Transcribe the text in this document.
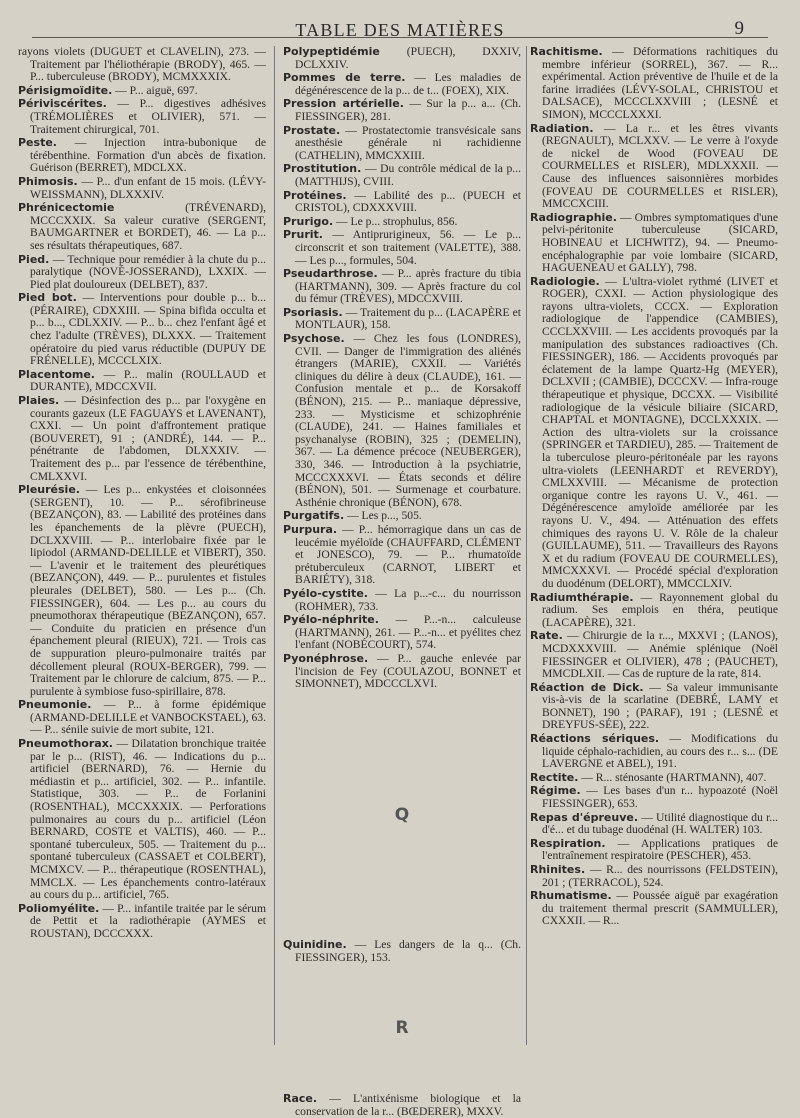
TABLE DES MATIÈRES	9
rayons violets (DUGUET et CLAVELIN), 273. — Traitement par l'héliothérapie (BRODY), 465. — P... tuberculeuse (BRODY), MCMXXXIX.
Périsigmoïdite. — P... aiguë, 697.
Périviscérites. — P... digestives adhésives (TRÉMOLIÈRES et OLIVIER), 571. — Traitement chirurgical, 701.
Peste. — Injection intra-bubonique de térébenthine. Formation d'un abcès de fixation. Guérison (BERRET), MDCLXX.
Phimosis. — P... d'un enfant de 15 mois. (LÉVY-WEISSMANN), DLXXXIV.
Phrénicectomie	(TRÉVENARD), MCCCXXIX. Sa valeur curative (SERGENT, BAUMGARTNER et BORDET), 46. — La p... ses résultats thérapeutiques, 687.
Pied. — Technique pour remédier à la chute du p... paralytique (NOVÉ-JOSSERAND), LXXIX. — Pied plat douloureux (DELBET), 837.
Pied bot. — Interventions pour double p... b... (PÉRAIRE), CDXXIII. — Spina bifida occulta et p... b..., CDLXXIV. — P... b... chez l'enfant âgé et chez l'adulte (TRÈVES), DLXXX. — Traitement opératoire du pied varus réductible (DUPUY DE FRÉNELLE), MCCCLXIX.
Placentome. — P... malin (ROULLAUD et DURANTE), MDCCXVII.
Plaies. — Désinfection des p... par l'oxygène en courants gazeux (LE FAGUAYS et LAVENANT), CXXI. — Un point d'affrontement pratique (BOUVERET), 91 ; (ANDRÉ), 144. — P... pénétrante de l'abdomen, DLXXXIV. — Traitement des p... par l'essence de térébenthine, CMLXXVI.
Pleurésie. — Les p... enkystées et cloisonnées (SERGENT), 10. — P... sérofibrineuse (BEZANÇON), 83. — Labilité des protéines dans les épanchements de la plèvre (PUECH), DCLXXVIII. — P... interlobaire fixée par le lipiodol (ARMAND-DELILLE et VIBERT), 350. — L'avenir et le traitement des pleurétiques (BEZANÇON), 449. — P... purulentes et fistules pleurales (DELBET), 580. — Les p... (Ch. FIESSINGER), 604. — Les p... au cours du pneumothorax thérapeutique (BEZANÇON), 657. — Conduite du praticien en présence d'un épanchement pleural (RIEUX), 721. — Trois cas de suppuration pleuro-pulmonaire traités par décollement pleural (ROUX-BERGER), 799. — Traitement par le chlorure de calcium, 875. — P... purulente à symbiose fuso-spirillaire, 878.
Pneumonie. — P... à forme épidémique (ARMAND-DELILLE et VANBOCKSTAEL), 63. — P... sénile suivie de mort subite, 121.
Pneumothorax. — Dilatation bronchique traitée par le p... (RIST), 46. — Indications du p... artificiel (BERNARD), 76. — Hernie du médiastin et p... artificiel, 302. — P... infantile. Statistique, 303. — P... de Forlanini (ROSENTHAL), MCCXXXIX. — Perforations pulmonaires au cours du p... artificiel (Léon BERNARD, COSTE et VALTIS), 460. — P... spontané tuberculeux, 505. — Traitement du p... spontané tuberculeux (CASSAET et COLBERT), MCMXCV. — P... thérapeutique (ROSENTHAL), MMCLX. — Les épanchements contro-latéraux au cours du p... artificiel, 765.
Poliomyélite. — P... infantile traitée par le sérum de Pettit et la radiothérapie (AYMES et ROUSTAN), DCCCXXX.
Polypeptidémie (PUECH), DXXIV, DCLXXIV.
Pommes de terre. — Les maladies de dégénérescence de la p... de t... (FOEX), XIX.
Pression artérielle. — Sur la p... a... (Ch. FIESSINGER), 281.
Prostate. — Prostatectomie transvésicale sans anesthésie générale ni rachidienne (CATHELIN), MMCXXIII.
Prostitution. — Du contrôle médical de la p... (MATTHIJS), CVIII.
Protéines. — Labilité des p... (PUECH et CRISTOL), CDXXXVIII.
Prurigo. — Le p... strophulus, 856.
Prurit. — Antiprurigineux, 56. — Le p... circonscrit et son traitement (VALETTE), 388. — Les p..., formules, 504.
Pseudarthrose. — P... après fracture du tibia (HARTMANN), 309. — Après fracture du col du fémur (TRÈVES), MDCCXVIII.
Psoriasis. — Traitement du p... (LACAPÈRE et MONTLAUR), 158.
Psychose. — Chez les fous (LONDRES), CVII. — Danger de l'immigration des aliénés étrangers (MARIE), CXXII. — Variétés cliniques du délire à deux (CLAUDE), 161. — Confusion mentale et p... de Korsakoff (BÉNON), 215. — P... maniaque dépressive, 233. — Mysticisme et schizophrénie (CLAUDE), 241. — Haines familiales et psychanalyse (ROBIN), 325 ; (DEMELIN), 367. — La démence précoce (NEUBERGER), 330, 346. — Introduction à la psychiatrie, MCCCXXXVI. — États seconds et délire (BÉNON), 501. — Surmenage et courbature. Asthénie chronique (BÉNON), 678.
Purgatifs. — Les p..., 505.
Purpura. — P... hémorragique dans un cas de leucémie myéloïde (CHAUFFARD, CLÉMENT et JONESCO), 79. — P... rhumatoïde prétuberculeux (CARNOT, LIBERT et BARIÉTY), 318.
Pyélo-cystite. — La p...-c... du nourrisson (ROHMER), 733.
Pyélo-néphrite. — P...-n... calculeuse (HARTMANN), 261. — P...-n... et pyélites chez l'enfant (NOBÉCOURT), 574.
Pyonéphrose. — P... gauche enlevée par l'incision de Fey (COULAZOU, BONNET et SIMONNET), MDCCCLXVI.
Q
Quinidine. — Les dangers de la q... (Ch. FIESSINGER), 153.
R
Race. — L'antixénisme biologique et la conservation de la r... (BŒDERER), MXXV.
Rachitisme. — Déformations rachitiques du membre inférieur (SORREL), 367. — R... expérimental. Action préventive de l'huile et de la farine irradiées (LÉVY-SOLAL, CHRISTOU et DALSACE), MCCCLXXVIII ; (LESNÉ et SIMON), MCCCLXXXI.
Radiation. — La r... et les êtres vivants (REGNAULT), MCLXXV. — Le verre à l'oxyde de nickel de Wood (FOVEAU DE COURMELLES et RISLER), MDLXXXII. — Cause des influences saisonnières morbides (FOVEAU DE COURMELLES et RISLER), MMCCXCIII.
Radiographie. — Ombres symptomatiques d'une pelvi-péritonite tuberculeuse (SICARD, HOBINEAU et LICHWITZ), 94. — Pneumo-encéphalographie par voie lombaire (SICARD, HAGUENEAU et GALLY), 798.
Radiologie. — L'ultra-violet rythmé (LIVET et ROGER), CXXI. — Action physiologique des rayons ultra-violets, CCCX. — Exploration radiologique de l'appendice (CAMBIES), CCCLXXVIII. — Les accidents provoqués par la manipulation des substances radioactives (Ch. FIESSINGER), 186. — Accidents provoqués par éclatement de la lampe Quartz-Hg (MEYER), DCLXVII ; (CAMBIE), DCCCXV. — Infra-rouge thérapeutique et physique, DCCXX. — Visibilité radiologique de la vésicule biliaire (SICARD, CHAPTAL et MONTAGNE), DCCLXXXIX. — Action des ultra-violets sur la croissance (SPRINGER et TARDIEU), 285. — Traitement de la tuberculose pleuro-péritonéale par les rayons ultra-violets (LEENHARDT et REVERDY), CMLXXVIII. — Mécanisme de protection organique contre les rayons U. V., 461. — Dégénérescence amyloïde améliorée par les rayons U. V., 494. — Atténuation des effets chimiques des rayons U. V. Rôle de la chaleur (GUILLAUME), 511. — Travailleurs des Rayons X et du radium (FOVEAU DE COURMELLES), MMCXXXVI. — Procédé spécial d'exploration du duodénum (DELORT), MMCCLXIV.
Radiumthérapie. — Rayonnement global du radium. Ses emplois en théra, peutique (LACAPÈRE), 321.
Rate. — Chirurgie de la r..., MXXVI ; (LANOS), MCDXXXVIII. — Anémie splénique (Noël FIESSINGER et OLIVIER), 478 ; (PAUCHET), MMCDLXII. — Cas de rupture de la rate, 814.
Réaction de Dick. — Sa valeur immunisante vis-à-vis de la scarlatine (DEBRÉ, LAMY et BONNET), 190 ; (PARAF), 191 ; (LESNÉ et DREYFUS-SÉE), 222.
Réactions sériques. — Modifications du liquide céphalo-rachidien, au cours des r... s... (DE LAVERGNE et ABEL), 191.
Rectite. — R... sténosante (HARTMANN), 407.
Régime. — Les bases d'un r... hypoazoté (Noël FIESSINGER), 653.
Repas d'épreuve. — Utilité diagnostique du r... d'é... et du tubage duodénal (H. WALTER) 103.
Respiration. — Applications pratiques de l'entraînement respiratoire (PESCHER), 453.
Rhinites. — R... des nourrissons (FELDSTEIN), 201 ; (TERRACOL), 524.
Rhumatisme. — Poussée aiguë par exagération du traitement thermal prescrit (SAMMULLER), CXXXII. — R...
